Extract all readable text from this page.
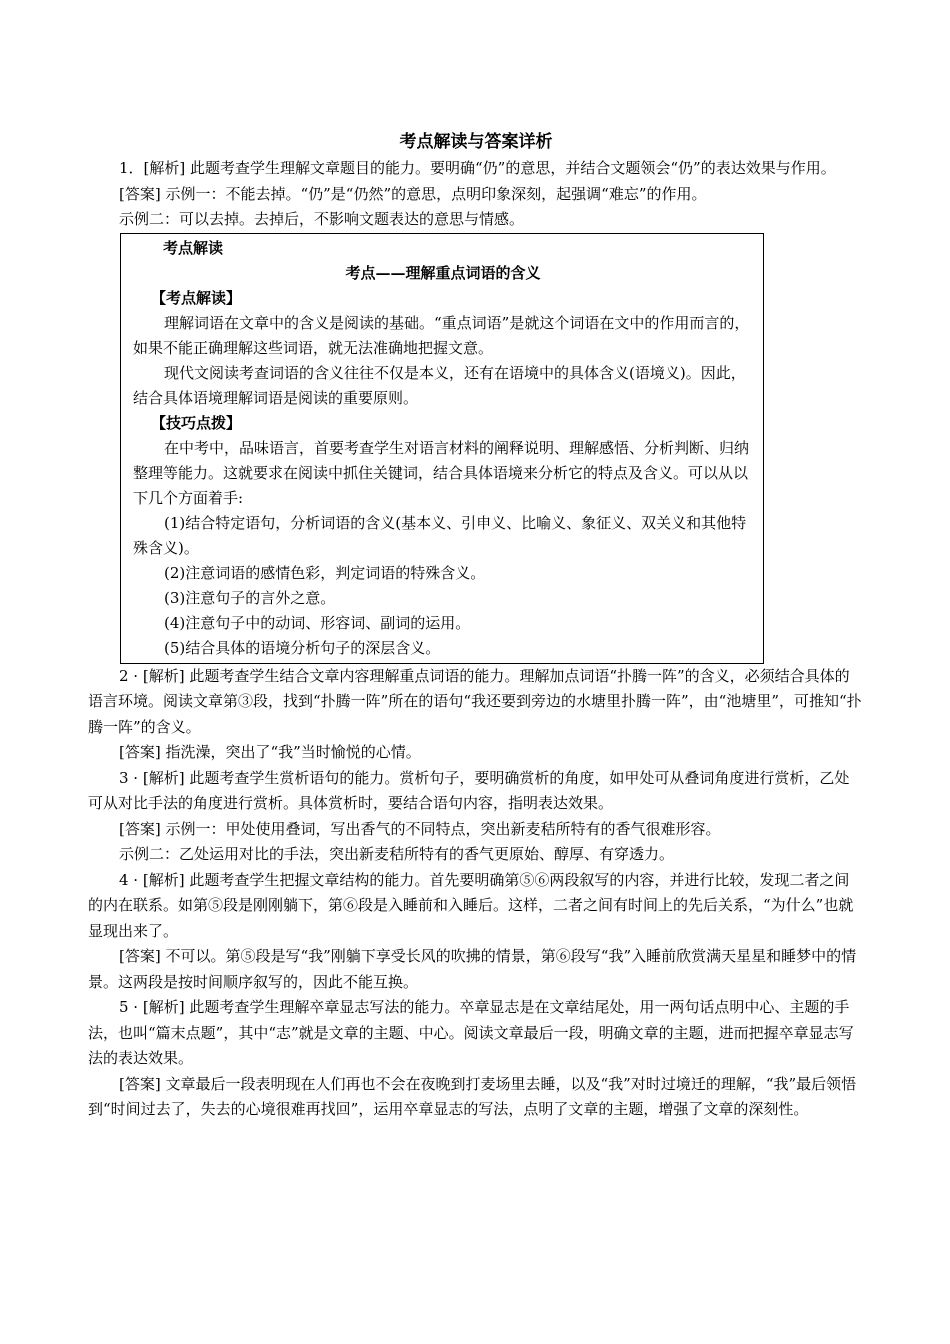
考点解读与答案详析
1．[解析] 此题考查学生理解文章题目的能力。要明确“仍”的意思，并结合文题领会“仍”的表达效果与作用。
[答案] 示例一：不能去掉。“仍”是“仍然”的意思，点明印象深刻，起强调“难忘”的作用。
示例二：可以去掉。去掉后，不影响文题表达的意思与情感。
考点解读
考点——理解重点词语的含义
【考点解读】
理解词语在文章中的含义是阅读的基础。“重点词语”是就这个词语在文中的作用而言的，如果不能正确理解这些词语，就无法准确地把握文意。
现代文阅读考查词语的含义往往不仅是本义，还有在语境中的具体含义(语境义)。因此，结合具体语境理解词语是阅读的重要原则。
【技巧点拨】
在中考中，品味语言，首要考查学生对语言材料的阐释说明、理解感悟、分析判断、归纳整理等能力。这就要求在阅读中抓住关键词，结合具体语境来分析它的特点及含义。可以从以下几个方面着手:
(1)结合特定语句，分析词语的含义(基本义、引申义、比喻义、象征义、双关义和其他特殊含义)。
(2)注意词语的感情色彩，判定词语的特殊含义。
(3)注意句子的言外之意。
(4)注意句子中的动词、形容词、副词的运用。
(5)结合具体的语境分析句子的深层含义。
2 · [解析] 此题考查学生结合文章内容理解重点词语的能力。理解加点词语“扑腾一阵”的含义，必须结合具体的语言环境。阅读文章第③段，找到“扑腾一阵”所在的语句“我还要到旁边的水塘里扑腾一阵”，由“池塘里”，可推知“扑腾一阵”的含义。
[答案] 指洗澡，突出了“我”当时愉悦的心情。
3 · [解析] 此题考查学生赏析语句的能力。赏析句子，要明确赏析的角度，如甲处可从叠词角度进行赏析，乙处可从对比手法的角度进行赏析。具体赏析时，要结合语句内容，指明表达效果。
[答案] 示例一：甲处使用叠词，写出香气的不同特点，突出新麦秸所特有的香气很难形容。
示例二：乙处运用对比的手法，突出新麦秸所特有的香气更原始、醇厚、有穿透力。
4 · [解析] 此题考查学生把握文章结构的能力。首先要明确第⑤⑥两段叙写的内容，并进行比较，发现二者之间的内在联系。如第⑤段是刚刚躺下，第⑥段是入睡前和入睡后。这样，二者之间有时间上的先后关系，“为什么”也就显现出来了。
[答案] 不可以。第⑤段是写“我”刚躺下享受长风的吹拂的情景，第⑥段写“我”入睡前欣赏满天星星和睡梦中的情景。这两段是按时间顺序叙写的，因此不能互换。
5 · [解析] 此题考查学生理解卒章显志写法的能力。卒章显志是在文章结尾处，用一两句话点明中心、主题的手法，也叫“篇末点题”，其中“志”就是文章的主题、中心。阅读文章最后一段，明确文章的主题，进而把握卒章显志写法的表达效果。
[答案] 文章最后一段表明现在人们再也不会在夜晚到打麦场里去睡，以及“我”对时过境迁的理解，“我”最后领悟到“时间过去了，失去的心境很难再找回”，运用卒章显志的写法，点明了文章的主题，增强了文章的深刻性。
